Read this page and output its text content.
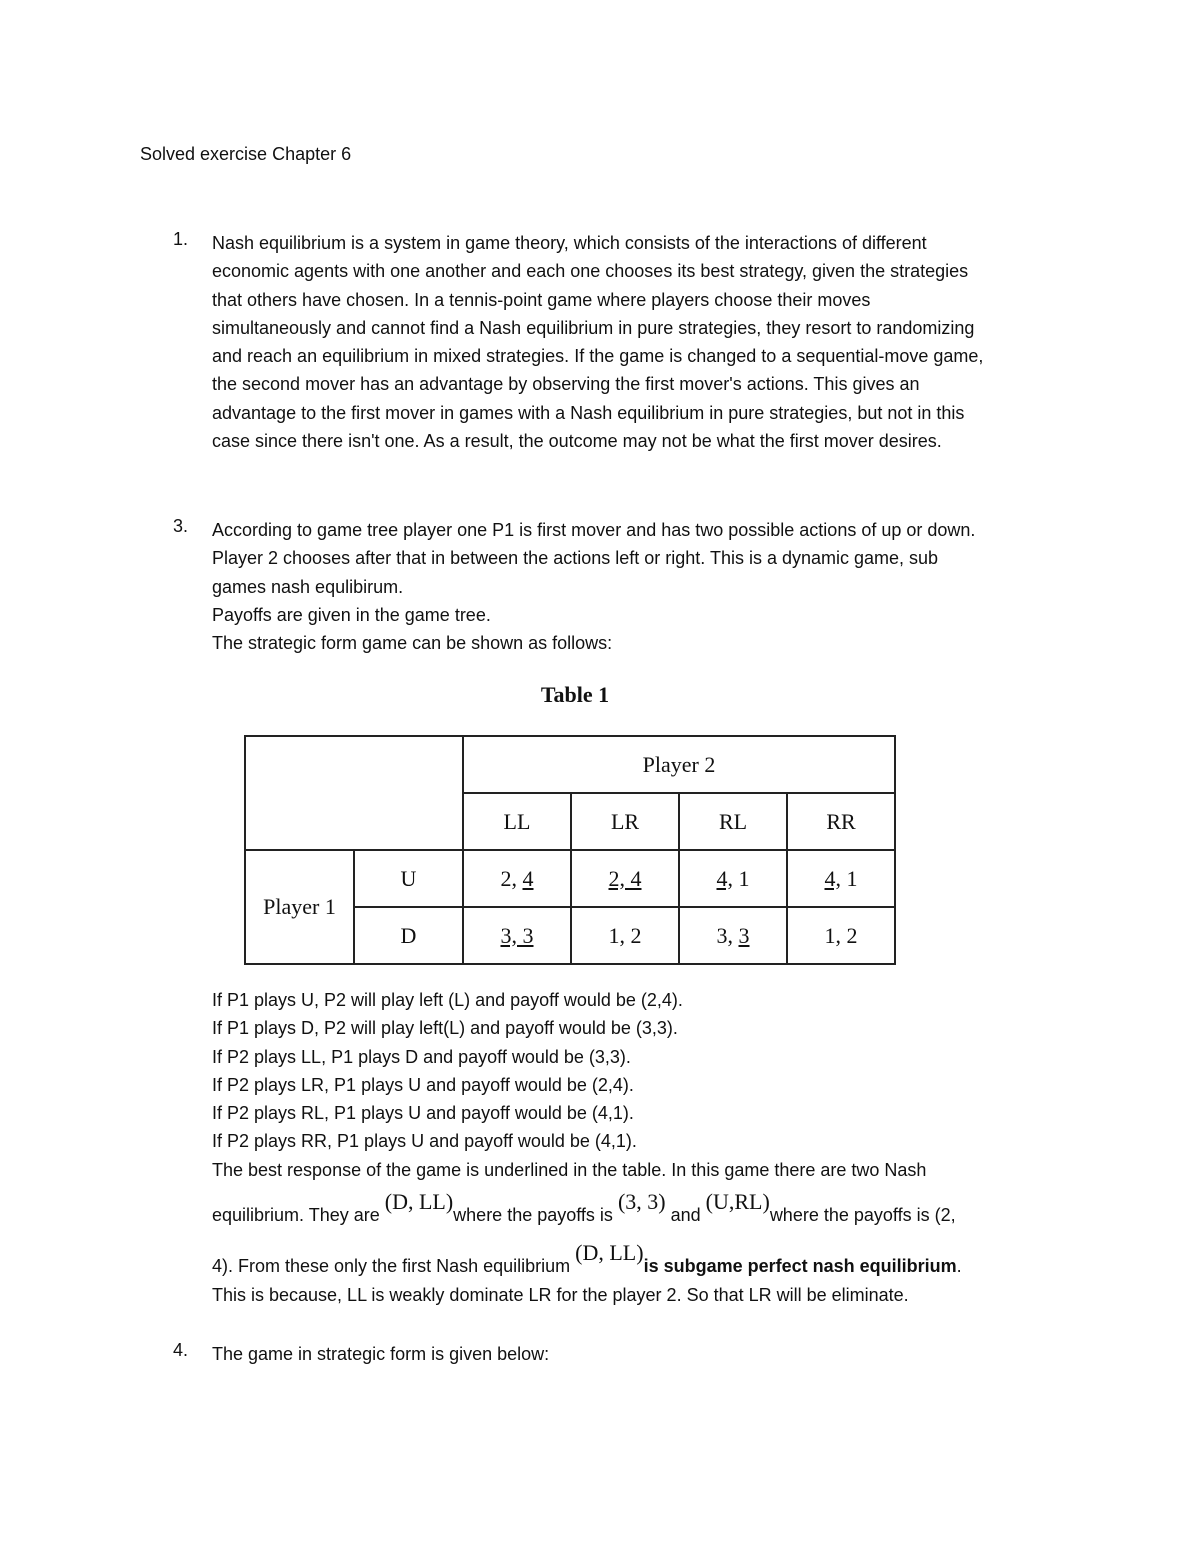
Solved exercise Chapter 6
1. Nash equilibrium is a system in game theory, which consists of the interactions of different
economic agents with one another and each one chooses its best strategy, given the strategies
that others have chosen. In a tennis-point game where players choose their moves
simultaneously and cannot find a Nash equilibrium in pure strategies, they resort to randomizing
and reach an equilibrium in mixed strategies. If the game is changed to a sequential-move game,
the second mover has an advantage by observing the first mover's actions. This gives an
advantage to the first mover in games with a Nash equilibrium in pure strategies, but not in this
case since there isn't one. As a result, the outcome may not be what the first mover desires.
3. According to game tree player one P1 is first mover and has two possible actions of up or down.
Player 2 chooses after that in between the actions left or right. This is a dynamic game, sub
games nash equlibirum.
Payoffs are given in the game tree.
The strategic form game can be shown as follows:
Table 1
		Player 2			
		LL	LR	RL	RR
Player 1	U	2, 4	2, 4	4, 1	4, 1
	D	3, 3	1, 2	3, 3	1, 2
If P1 plays U, P2 will play left (L) and payoff would be (2,4).
If P1 plays D, P2 will play left(L) and payoff would be (3,3).
If P2 plays LL, P1 plays D and payoff would be (3,3).
If P2 plays LR, P1 plays U and payoff would be (2,4).
If P2 plays RL, P1 plays U and payoff would be (4,1).
If P2 plays RR, P1 plays U and payoff would be (4,1).
The best response of the game is underlined in the table. In this game there are two Nash
equilibrium. They are (D, LL)where the payoffs is (3, 3) and (U,RL)where the payoffs is (2,
4). From these only the first Nash equilibrium (D, LL)is subgame perfect nash equilibrium.
This is because, LL is weakly dominate LR for the player 2. So that LR will be eliminate.
4. The game in strategic form is given below:
